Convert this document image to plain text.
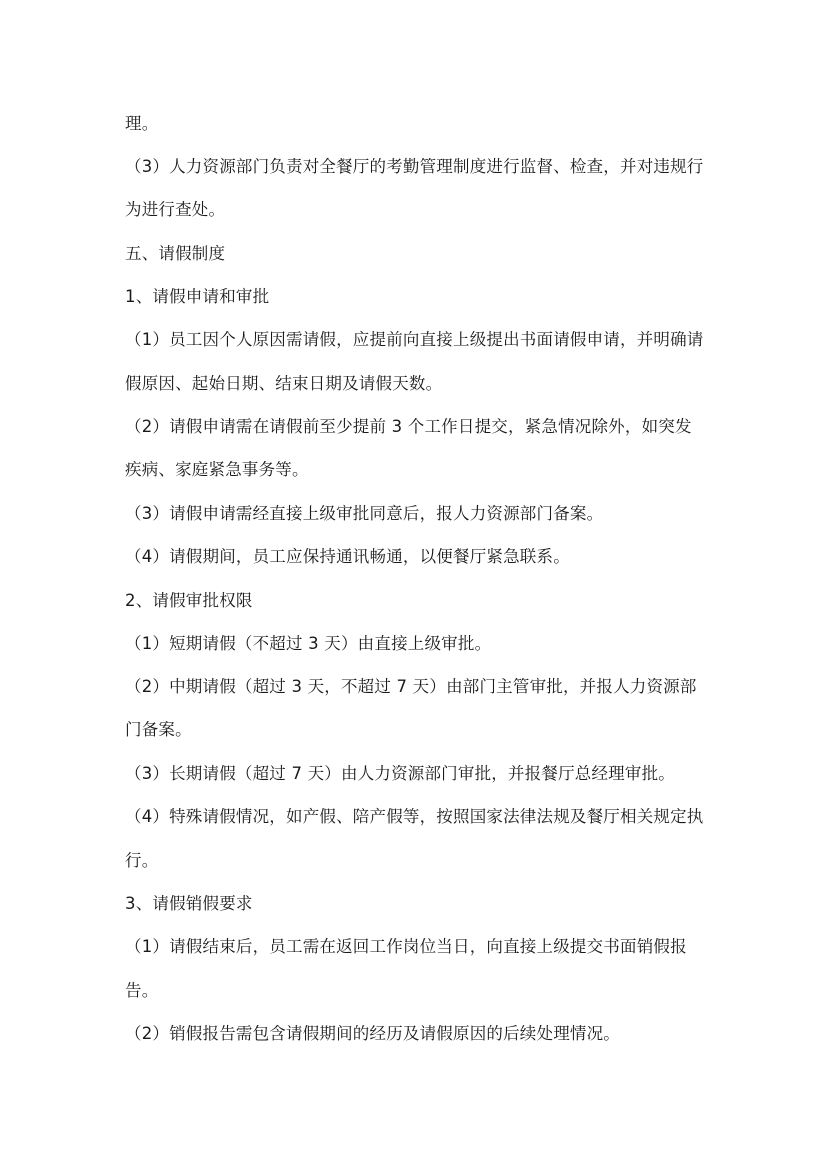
理。
（3）人力资源部门负责对全餐厅的考勤管理制度进行监督、检查，并对违规行
为进行查处。
五、请假制度
1、请假申请和审批
（1）员工因个人原因需请假，应提前向直接上级提出书面请假申请，并明确请
假原因、起始日期、结束日期及请假天数。
（2）请假申请需在请假前至少提前 3 个工作日提交，紧急情况除外，如突发
疾病、家庭紧急事务等。
（3）请假申请需经直接上级审批同意后，报人力资源部门备案。
（4）请假期间，员工应保持通讯畅通，以便餐厅紧急联系。
2、请假审批权限
（1）短期请假（不超过 3 天）由直接上级审批。
（2）中期请假（超过 3 天，不超过 7 天）由部门主管审批，并报人力资源部
门备案。
（3）长期请假（超过 7 天）由人力资源部门审批，并报餐厅总经理审批。
（4）特殊请假情况，如产假、陪产假等，按照国家法律法规及餐厅相关规定执
行。
3、请假销假要求
（1）请假结束后，员工需在返回工作岗位当日，向直接上级提交书面销假报
告。
（2）销假报告需包含请假期间的经历及请假原因的后续处理情况。
